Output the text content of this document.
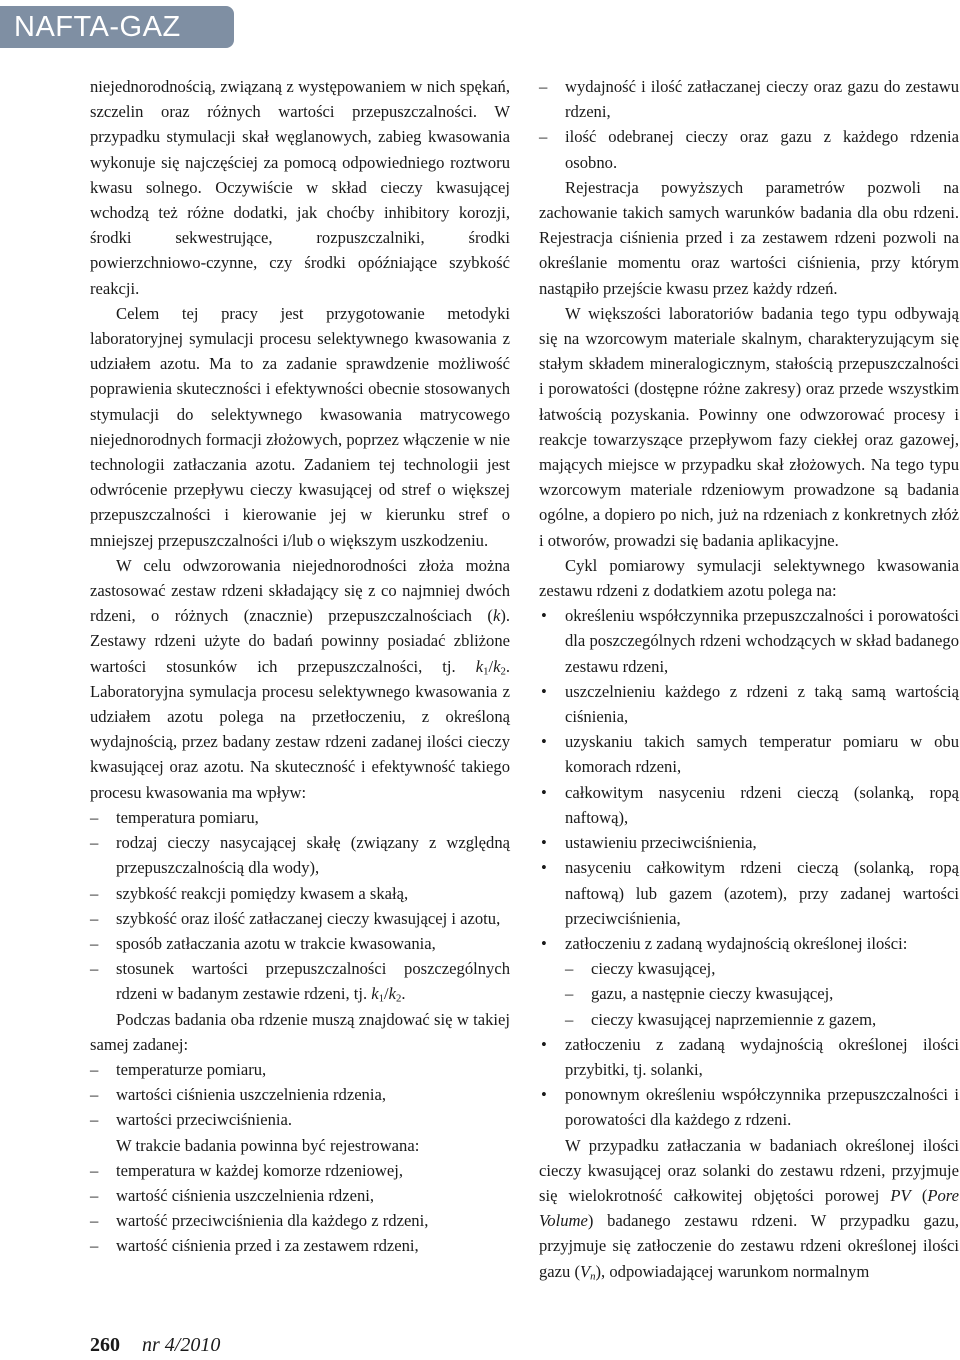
NAFTA-GAZ

niejednorodnością, związaną z występowaniem w nich spękań, szczelin oraz różnych wartości przepuszczalności. W przypadku stymulacji skał węglanowych, zabieg kwasowania wykonuje się najczęściej za pomocą odpowiedniego roztworu kwasu solnego. Oczywiście w skład cieczy kwasującej wchodzą też różne dodatki, jak choćby inhibitory korozji, środki sekwestrujące, rozpuszczalniki, środki powierzchniowo-czynne, czy środki opóźniające szybkość reakcji.

Celem tej pracy jest przygotowanie metodyki laboratoryjnej symulacji procesu selektywnego kwasowania z udziałem azotu. Ma to za zadanie sprawdzenie możliwość poprawienia skuteczności i efektywności obecnie stosowanych stymulacji do selektywnego kwasowania matrycowego niejednorodnych formacji złożowych, poprzez włączenie w nie technologii zatłaczania azotu. Zadaniem tej technologii jest odwrócenie przepływu cieczy kwasującej od stref o większej przepuszczalności i kierowanie jej w kierunku stref o mniejszej przepuszczalności i/lub o większym uszkodzeniu.

W celu odwzorowania niejednorodności złoża można zastosować zestaw rdzeni składający się z co najmniej dwóch rdzeni, o różnych (znacznie) przepuszczalnościach (k). Zestawy rdzeni użyte do badań powinny posiadać zbliżone wartości stosunków ich przepuszczalności, tj. $k_1/k_2$. Laboratoryjna symulacja procesu selektywnego kwasowania z udziałem azotu polega na przetłoczeniu, z określoną wydajnością, przez badany zestaw rdzeni zadanej ilości cieczy kwasującej oraz azotu. Na skuteczność i efektywność takiego procesu kwasowania ma wpływ:

– temperatura pomiaru,
– rodzaj cieczy nasycającej skałę (związany z względną przepuszczalnością dla wody),
– szybkość reakcji pomiędzy kwasem a skałą,
– szybkość oraz ilość zatłaczanej cieczy kwasującej i azotu,
– sposób zatłaczania azotu w trakcie kwasowania,
– stosunek wartości przepuszczalności poszczególnych rdzeni w badanym zestawie rdzeni, tj. $k_1/k_2$.

Podczas badania oba rdzenie muszą znajdować się w takiej samej zadanej:

– temperaturze pomiaru,
– wartości ciśnienia uszczelnienia rdzenia,
– wartości przeciwciśnienia.

W trakcie badania powinna być rejestrowana:

– temperatura w każdej komorze rdzeniowej,
– wartość ciśnienia uszczelnienia rdzeni,
– wartość przeciwciśnienia dla każdego z rdzeni,
– wartość ciśnienia przed i za zestawem rdzeni,
– wydajność i ilość zatłaczanej cieczy oraz gazu do zestawu rdzeni,
– ilość odebranej cieczy oraz gazu z każdego rdzenia osobno.

Rejestracja powyższych parametrów pozwoli na zachowanie takich samych warunków badania dla obu rdzeni. Rejestracja ciśnienia przed i za zestawem rdzeni pozwoli na określanie momentu oraz wartości ciśnienia, przy którym nastąpiło przejście kwasu przez każdy rdzeń.

W większości laboratoriów badania tego typu odbywają się na wzorcowym materiale skalnym, charakteryzującym się stałym składem mineralogicznym, stałością przepuszczalności i porowatości (dostępne różne zakresy) oraz przede wszystkim łatwością pozyskania. Powinny one odwzorować procesy i reakcje towarzyszące przepływom fazy ciekłej oraz gazowej, mających miejsce w przypadku skał złożowych. Na tego typu wzorcowym materiale rdzeniowym prowadzone są badania ogólne, a dopiero po nich, już na rdzeniach z konkretnych złóż i otworów, prowadzi się badania aplikacyjne.

Cykl pomiarowy symulacji selektywnego kwasowania zestawu rdzeni z dodatkiem azotu polega na:

• określeniu współczynnika przepuszczalności i porowatości dla poszczególnych rdzeni wchodzących w skład badanego zestawu rdzeni,
• uszczelnieniu każdego z rdzeni z taką samą wartością ciśnienia,
• uzyskaniu takich samych temperatur pomiaru w obu komorach rdzeni,
• całkowitym nasyceniu rdzeni cieczą (solanką, ropą naftową),
• ustawieniu przeciwciśnienia,
• nasyceniu całkowitym rdzeni cieczą (solanką, ropą naftową) lub gazem (azotem), przy zadanej wartości przeciwciśnienia,
• zatłoczeniu z zadaną wydajnością określonej ilości:
– cieczy kwasującej,
– gazu, a następnie cieczy kwasującej,
– cieczy kwasującej naprzemiennie z gazem,
• zatłoczeniu z zadaną wydajnością określonej ilości przybitki, tj. solanki,
• ponownym określeniu współczynnika przepuszczalności i porowatości dla każdego z rdzeni.

W przypadku zatłaczania w badaniach określonej ilości cieczy kwasującej oraz solanki do zestawu rdzeni, przyjmuje się wielokrotność całkowitej objętości porowej PV (Pore Volume) badanego zestawu rdzeni. W przypadku gazu, przyjmuje się zatłoczenie do zestawu rdzeni określonej ilości gazu $(V_n)$, odpowiadającej warunkom normalnym

260 nr 4/2010
